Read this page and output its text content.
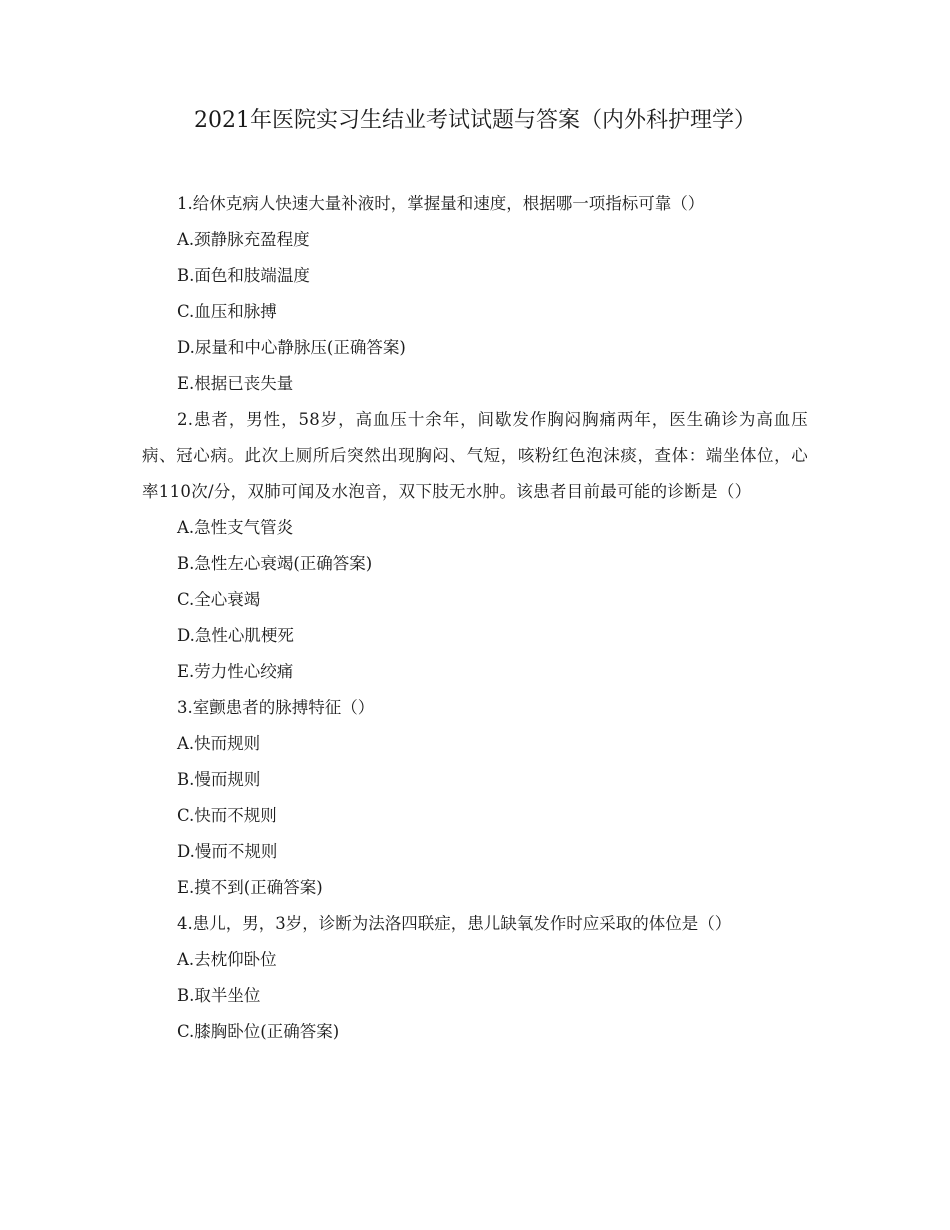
2021年医院实习生结业考试试题与答案（内外科护理学）

1.给休克病人快速大量补液时，掌握量和速度，根据哪一项指标可靠（）

A.颈静脉充盈程度

B.面色和肢端温度

C.血压和脉搏

D.尿量和中心静脉压(正确答案)

E.根据已丧失量

2.患者，男性，58岁，高血压十余年，间歇发作胸闷胸痛两年，医生确诊为高血压病、冠心病。此次上厕所后突然出现胸闷、气短，咳粉红色泡沫痰，查体：端坐体位，心率110次/分，双肺可闻及水泡音，双下肢无水肿。该患者目前最可能的诊断是（）

A.急性支气管炎

B.急性左心衰竭(正确答案)

C.全心衰竭

D.急性心肌梗死

E.劳力性心绞痛

3.室颤患者的脉搏特征（）

A.快而规则

B.慢而规则

C.快而不规则

D.慢而不规则

E.摸不到(正确答案)

4.患儿，男，3岁，诊断为法洛四联症，患儿缺氧发作时应采取的体位是（）

A.去枕仰卧位

B.取半坐位

C.膝胸卧位(正确答案)
